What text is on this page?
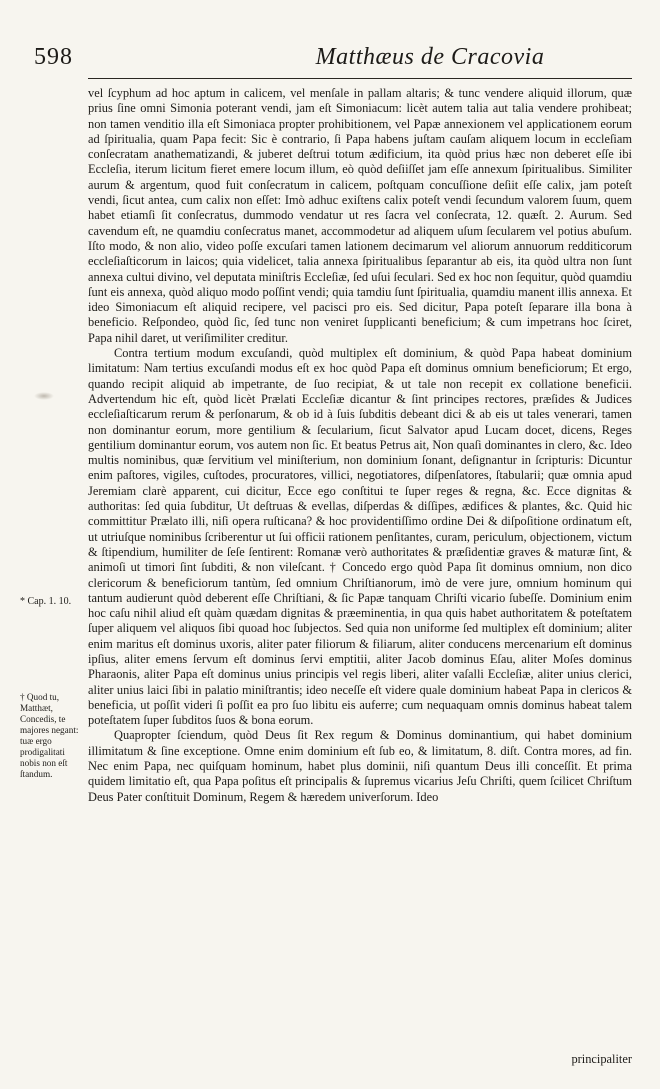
598	Matthæus de Cracovia

vel ſcyphum ad hoc aptum in calicem, vel menſale in pallam altaris; & tunc vendere aliquid illorum, quæ prius ſine omni Simonia poterant vendi, jam eſt Simoniacum: licèt autem talia aut talia vendere prohibeat; non tamen venditio illa eſt Simoniaca propter prohibitionem, vel Papæ annexionem vel applicationem eorum ad ſpiritualia, quam Papa fecit: Sic è contrario, ſi Papa habens juſtam cauſam aliquem locum in eccleſiam conſecratam anathematizandi, & juberet deſtrui totum ædificium, ita quòd prius hæc non deberet eſſe ibi Eccleſia, iterum licitum fieret emere locum illum, eò quòd deſiiſſet jam eſſe annexum ſpiritualibus. Similiter aurum & argentum, quod fuit conſecratum in calicem, poſtquam concuſſione deſiit eſſe calix, jam poteſt vendi, ſicut antea, cum calix non eſſet: Imò adhuc exiſtens calix poteſt vendi ſecundum valorem ſuum, quem habet etiamſi ſit conſecratus, dummodo vendatur ut res ſacra vel conſecrata, 12. quæſt. 2. Aurum. Sed cavendum eſt, ne quamdiu conſecratus manet, accommodetur ad aliquem uſum ſecularem vel potius abuſum. Iſto modo, & non alio, video poſſe excuſari tamen lationem decimarum vel aliorum annuorum redditicorum eccleſiaſticorum in laicos; quia videlicet, talia annexa ſpiritualibus ſeparantur ab eis, ita quòd ultra non ſunt annexa cultui divino, vel deputata miniſtris Eccleſiæ, ſed uſui ſeculari. Sed ex hoc non ſequitur, quòd quamdiu ſunt eis annexa, quòd aliquo modo poſſint vendi; quia tamdiu ſunt ſpiritualia, quamdiu manent illis annexa. Et ideo Simoniacum eſt aliquid recipere, vel pacisci pro eis. Sed dicitur, Papa poteſt ſeparare illa bona à beneficio. Reſpondeo, quòd ſic, ſed tunc non veniret ſupplicanti beneficium; & cum impetrans hoc ſciret, Papa nihil daret, ut veriſimiliter creditur.

Contra tertium modum excuſandi, quòd multiplex eſt dominium, & quòd Papa habeat dominium limitatum: Nam tertius excuſandi modus eſt ex hoc quòd Papa eſt dominus omnium beneficiorum; Et ergo, quando recipit aliquid ab impetrante, de ſuo recipiat, & ut tale non recepit ex collatione beneficii. Advertendum hic eſt, quòd licèt Prælati Eccleſiæ dicantur & ſint principes rectores, præſides & Judices eccleſiaſticarum rerum & perſonarum, & ob id à ſuis ſubditis debeant dici & ab eis ut tales venerari, tamen non dominantur eorum, more gentilium & ſecularium, ſicut Salvator apud Lucam docet, dicens, Reges gentilium dominantur eorum, vos autem non ſic. Et beatus Petrus ait, Non quaſi dominantes in clero, &c. Ideo multis nominibus, quæ ſervitium vel miniſterium, non dominium ſonant, deſignantur in ſcripturis: Dicuntur enim paſtores, vigiles, cuſtodes, procuratores, villici, negotiatores, diſpenſatores, ſtabularii; quæ omnia apud Jeremiam clarè apparent, cui dicitur, Ecce ego conſtitui te ſuper reges & regna, &c. Ecce dignitas & authoritas: ſed quia ſubditur, Ut deſtruas & evellas, diſperdas & diſſipes, ædifices & plantes, &c. Quid hic committitur Prælato illi, niſi opera ruſticana? & hoc providentiſſimo ordine Dei & diſpoſitione ordinatum eſt, ut utriuſque nominibus ſcriberentur ut ſui officii rationem penſitantes, curam, periculum, objectionem, victum & ſtipendium, humiliter de ſeſe ſentirent: Romanæ verò authoritates & præſidentiæ graves & maturæ ſint, & animoſi ut timori ſint ſubditi, & non vileſcant. † Concedo ergo quòd Papa ſit dominus omnium, non dico clericorum & beneficiorum tantùm, ſed omnium Chriſtianorum, imò de vere jure, omnium hominum qui tantum audierunt quòd deberent eſſe Chriſtiani, & ſic Papæ tanquam Chriſti vicario ſubeſſe. Dominium enim hoc caſu nihil aliud eſt quàm quædam dignitas & præeminentia, in qua quis habet authoritatem & poteſtatem ſuper aliquem vel aliquos ſibi quoad hoc ſubjectos. Sed quia non uniforme ſed multiplex eſt dominium; aliter enim maritus eſt dominus uxoris, aliter pater filiorum & filiarum, aliter conducens mercenarium eſt dominus ipſius, aliter emens ſervum eſt dominus ſervi emptitii, aliter Jacob dominus Eſau, aliter Moſes dominus Pharaonis, aliter Papa eſt dominus unius principis vel regis liberi, aliter vaſalli Eccleſiæ, aliter unius clerici, aliter unius laici ſibi in palatio miniſtrantis; ideo neceſſe eſt videre quale dominium habeat Papa in clericos & beneficia, ut poſſit videri ſi poſſit ea pro ſuo libitu eis auferre; cum nequaquam omnis dominus habeat talem poteſtatem ſuper ſubditos ſuos & bona eorum.

Quapropter ſciendum, quòd Deus ſit Rex regum & Dominus dominantium, qui habet dominium illimitatum & ſine exceptione. Omne enim dominium eſt ſub eo, & limitatum, 8. diſt. Contra mores, ad fin. Nec enim Papa, nec quiſquam hominum, habet plus dominii, niſi quantum Deus illi conceſſit. Et prima quidem limitatio eſt, qua Papa poſitus eſt principalis & ſupremus vicarius Jeſu Chriſti, quem ſcilicet Chriſtum Deus Pater conſtituit Dominum, Regem & hæredem univerſorum. Ideo

* Cap. 1. 10.
† Quod tu, Matthæt, Concedis, te majores negant: tuæ ergo prodigalitati nobis non eſt ſtandum.
principaliter
